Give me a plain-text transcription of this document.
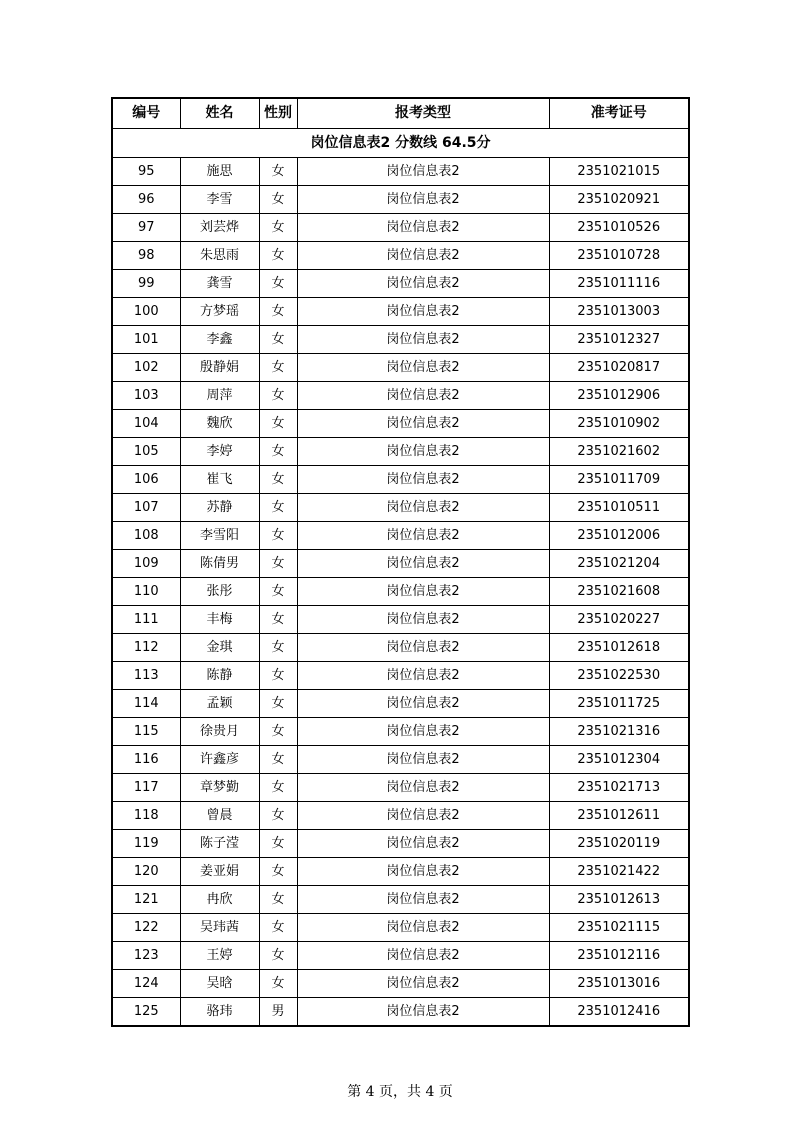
编号	姓名	性别	报考类型	准考证号
岗位信息表2 分数线 64.5分				
95	施思	女	岗位信息表2	2351021015
96	李雪	女	岗位信息表2	2351020921
97	刘芸烨	女	岗位信息表2	2351010526
98	朱思雨	女	岗位信息表2	2351010728
99	龚雪	女	岗位信息表2	2351011116
100	方梦瑶	女	岗位信息表2	2351013003
101	李鑫	女	岗位信息表2	2351012327
102	殷静娟	女	岗位信息表2	2351020817
103	周萍	女	岗位信息表2	2351012906
104	魏欣	女	岗位信息表2	2351010902
105	李婷	女	岗位信息表2	2351021602
106	崔飞	女	岗位信息表2	2351011709
107	苏静	女	岗位信息表2	2351010511
108	李雪阳	女	岗位信息表2	2351012006
109	陈倩男	女	岗位信息表2	2351021204
110	张彤	女	岗位信息表2	2351021608
111	丰梅	女	岗位信息表2	2351020227
112	金琪	女	岗位信息表2	2351012618
113	陈静	女	岗位信息表2	2351022530
114	孟颖	女	岗位信息表2	2351011725
115	徐贵月	女	岗位信息表2	2351021316
116	许鑫彦	女	岗位信息表2	2351012304
117	章梦勤	女	岗位信息表2	2351021713
118	曾晨	女	岗位信息表2	2351012611
119	陈子滢	女	岗位信息表2	2351020119
120	姜亚娟	女	岗位信息表2	2351021422
121	冉欣	女	岗位信息表2	2351012613
122	吴玮茜	女	岗位信息表2	2351021115
123	王婷	女	岗位信息表2	2351012116
124	吴晗	女	岗位信息表2	2351013016
125	骆玮	男	岗位信息表2	2351012416
第 4 页，共 4 页
